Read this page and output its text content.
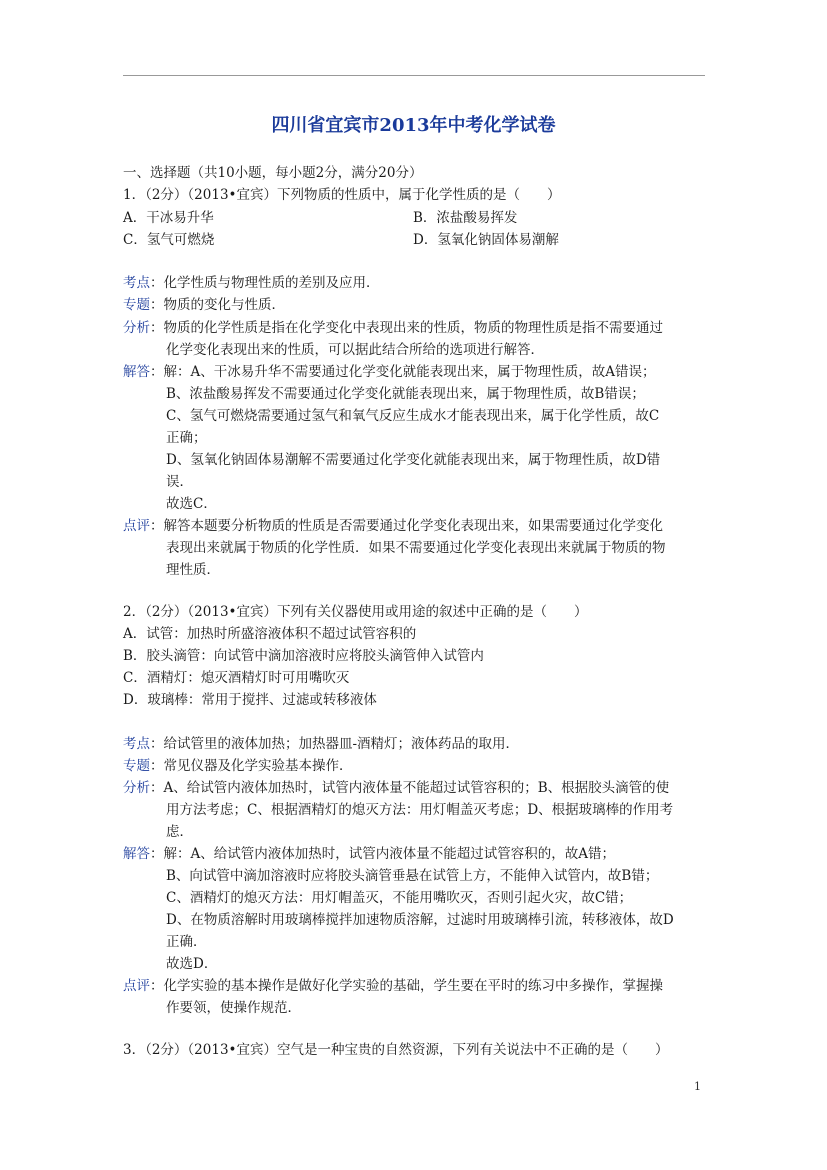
四川省宜宾市2013年中考化学试卷
一、选择题（共10小题，每小题2分，满分20分）
1．（2分）（2013•宜宾）下列物质的性质中，属于化学性质的是（　　）
A．干冰易升华	B．浓盐酸易挥发
C．氢气可燃烧	D．氢氧化钠固体易潮解
考点：化学性质与物理性质的差别及应用．
专题：物质的变化与性质．
分析：物质的化学性质是指在化学变化中表现出来的性质，物质的物理性质是指不需要通过
化学变化表现出来的性质，可以据此结合所给的选项进行解答．
解答：解：A、干冰易升华不需要通过化学变化就能表现出来，属于物理性质，故A错误；
B、浓盐酸易挥发不需要通过化学变化就能表现出来，属于物理性质，故B错误；
C、氢气可燃烧需要通过氢气和氧气反应生成水才能表现出来，属于化学性质，故C
正确；
D、氢氧化钠固体易潮解不需要通过化学变化就能表现出来，属于物理性质，故D错
误．
故选C．
点评：解答本题要分析物质的性质是否需要通过化学变化表现出来，如果需要通过化学变化
表现出来就属于物质的化学性质．如果不需要通过化学变化表现出来就属于物质的物
理性质．
2．（2分）（2013•宜宾）下列有关仪器使用或用途的叙述中正确的是（　　）
A．试管：加热时所盛溶液体积不超过试管容积的
B．胶头滴管：向试管中滴加溶液时应将胶头滴管伸入试管内
C．酒精灯：熄灭酒精灯时可用嘴吹灭
D．玻璃棒：常用于搅拌、过滤或转移液体
考点：给试管里的液体加热；加热器皿-酒精灯；液体药品的取用．
专题：常见仪器及化学实验基本操作．
分析：A、给试管内液体加热时，试管内液体量不能超过试管容积的；B、根据胶头滴管的使
用方法考虑；C、根据酒精灯的熄灭方法：用灯帽盖灭考虑；D、根据玻璃棒的作用考
虑．
解答：解：A、给试管内液体加热时，试管内液体量不能超过试管容积的，故A错；
B、向试管中滴加溶液时应将胶头滴管垂悬在试管上方，不能伸入试管内，故B错；
C、酒精灯的熄灭方法：用灯帽盖灭，不能用嘴吹灭，否则引起火灾，故C错；
D、在物质溶解时用玻璃棒搅拌加速物质溶解，过滤时用玻璃棒引流，转移液体，故D
正确．
故选D．
点评：化学实验的基本操作是做好化学实验的基础，学生要在平时的练习中多操作，掌握操
作要领，使操作规范．
3．（2分）（2013•宜宾）空气是一种宝贵的自然资源，下列有关说法中不正确的是（　　）
1
